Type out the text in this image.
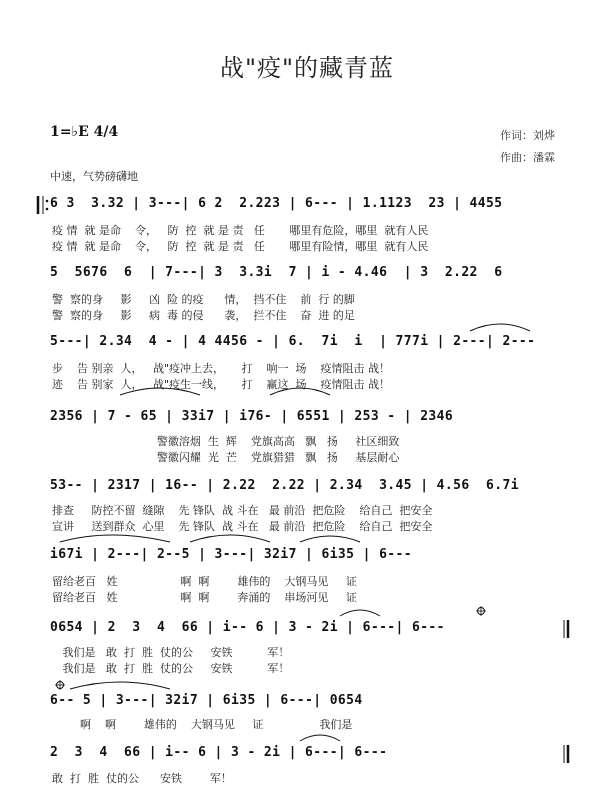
战"疫"的藏青蓝
1=♭E 4/4	作词：刘烨
作曲：潘霖
中速，气势磅礴地
6 3  3.32 | 3---| 6 2  2.223 | 6--- | 1.1123  23 | 4455
疫 情  就 是命    令，   防  控  就 是 责   任       哪里有危险，哪里  就有人民
疫 情  就 是命    令，   防  控  就 是 责   任       哪里有险情，哪里  就有人民
5  5676  6  | 7---| 3  3.3i  7 | i - 4.46  | 3  2.22  6
警  察的身     影     凶  险 的疫      情，  挡不住    前  行 的脚
警  察的身     影     病  毒 的侵      袭，  拦不住    奋  进 的足
5---| 2.34  4 - | 4 4456 - | 6.  7i  i  | 777i | 2---| 2---
步    告 别亲  人，   战"疫冲上去，     打    响一  场    疫情阻击 战！
迹    告 别家  人，   战"疫生一线，     打    赢这  场    疫情阻击 战！
2356 | 7 - 65 | 33i7 | i76- | 6551 | 253 - | 2346
警徽溶烟  生  辉    党旗高高   飘   扬     社区细致
警徽闪耀  光  芒    党旗猎猎   飘   扬     基层耐心
53-- | 2317 | 16-- | 2.22  2.22 | 2.34  3.45 | 4.56  6.7i
排查     防控不留  缝隙    先 锋队  战 斗在   最 前沿  把危险    给自己  把安全
宣讲     送到群众  心里    先 锋队  战 斗在   最 前沿  把危险    给自己  把安全
i67i | 2---| 2--5 | 3---| 32i7 | 6i35 | 6---
留给老百   姓                  啊  啊        雄伟的    大钢马见     证
留给老百   姓                  啊  啊        奔涌的    串场河见     证
0654 | 2  3  4  66 | i-- 6 | 3 - 2i | 6---| 6---
我们是   敢  打  胜  仗的公     安铁          军！
我们是   敢  打  胜  仗的公     安铁          军！
6-- 5 | 3---| 32i7 | 6i35 | 6---| 0654
啊    啊        雄伟的    大钢马见     证                我们是
2  3  4  66 | i-- 6 | 3 - 2i | 6---| 6---
敢  打  胜  仗的公      安铁        军！
